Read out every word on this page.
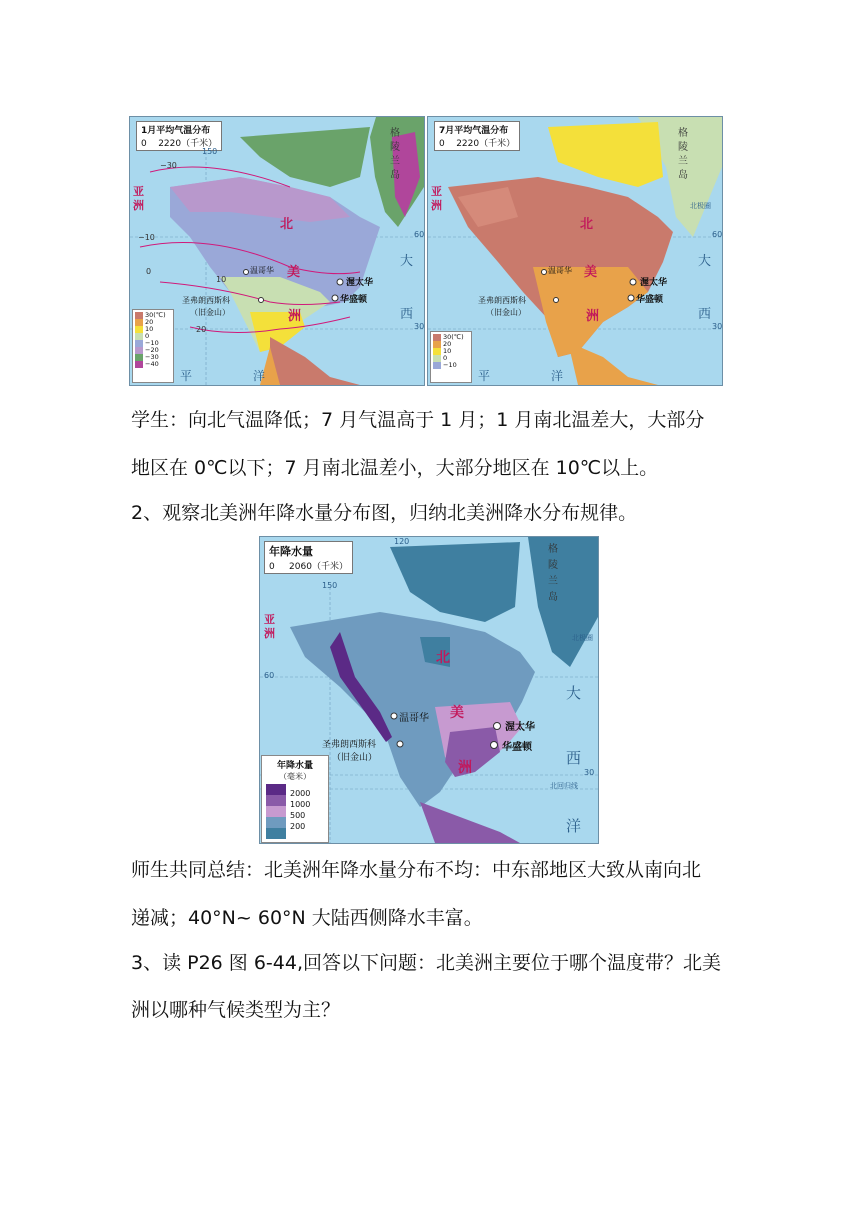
1月平均气温分布
0 2220（千米）
亚
洲
格
陵
兰
岛
北
美
洲
大
西
平	洋
温哥华
渥太华
华盛顿
圣弗朗西斯科
（旧金山）
150
60
30
−30
−10
0
10
20
30(℃)
20
10
0
−10
−20
−30
−40
7月平均气温分布
0 2220（千米）
亚
洲
格
陵
兰
岛
北极圈
北
美
洲
大
西
平	洋
温哥华
渥太华
华盛顿
圣弗朗西斯科
（旧金山）
60
30
30(℃)
20
10
0
−10
学生：向北气温降低；7 月气温高于 1 月；1 月南北温差大，大部分
地区在 0℃以下；7 月南北温差小，大部分地区在 10℃以上。
2、观察北美洲年降水量分布图，归纳北美洲降水分布规律。
年降水量
0 2060（千米）
亚
洲
格
陵
兰
岛
北极圈
北
美
洲
大
西
洋
温哥华
渥太华
华盛顿
圣弗朗西斯科
（旧金山）
120
150
60
30
北回归线
年降水量
（毫米）
2000
1000
500
200
师生共同总结：北美洲年降水量分布不均：中东部地区大致从南向北
递减；40°N~ 60°N 大陆西侧降水丰富。
3、读 P26 图 6-44,回答以下问题：北美洲主要位于哪个温度带？北美
洲以哪种气候类型为主？
